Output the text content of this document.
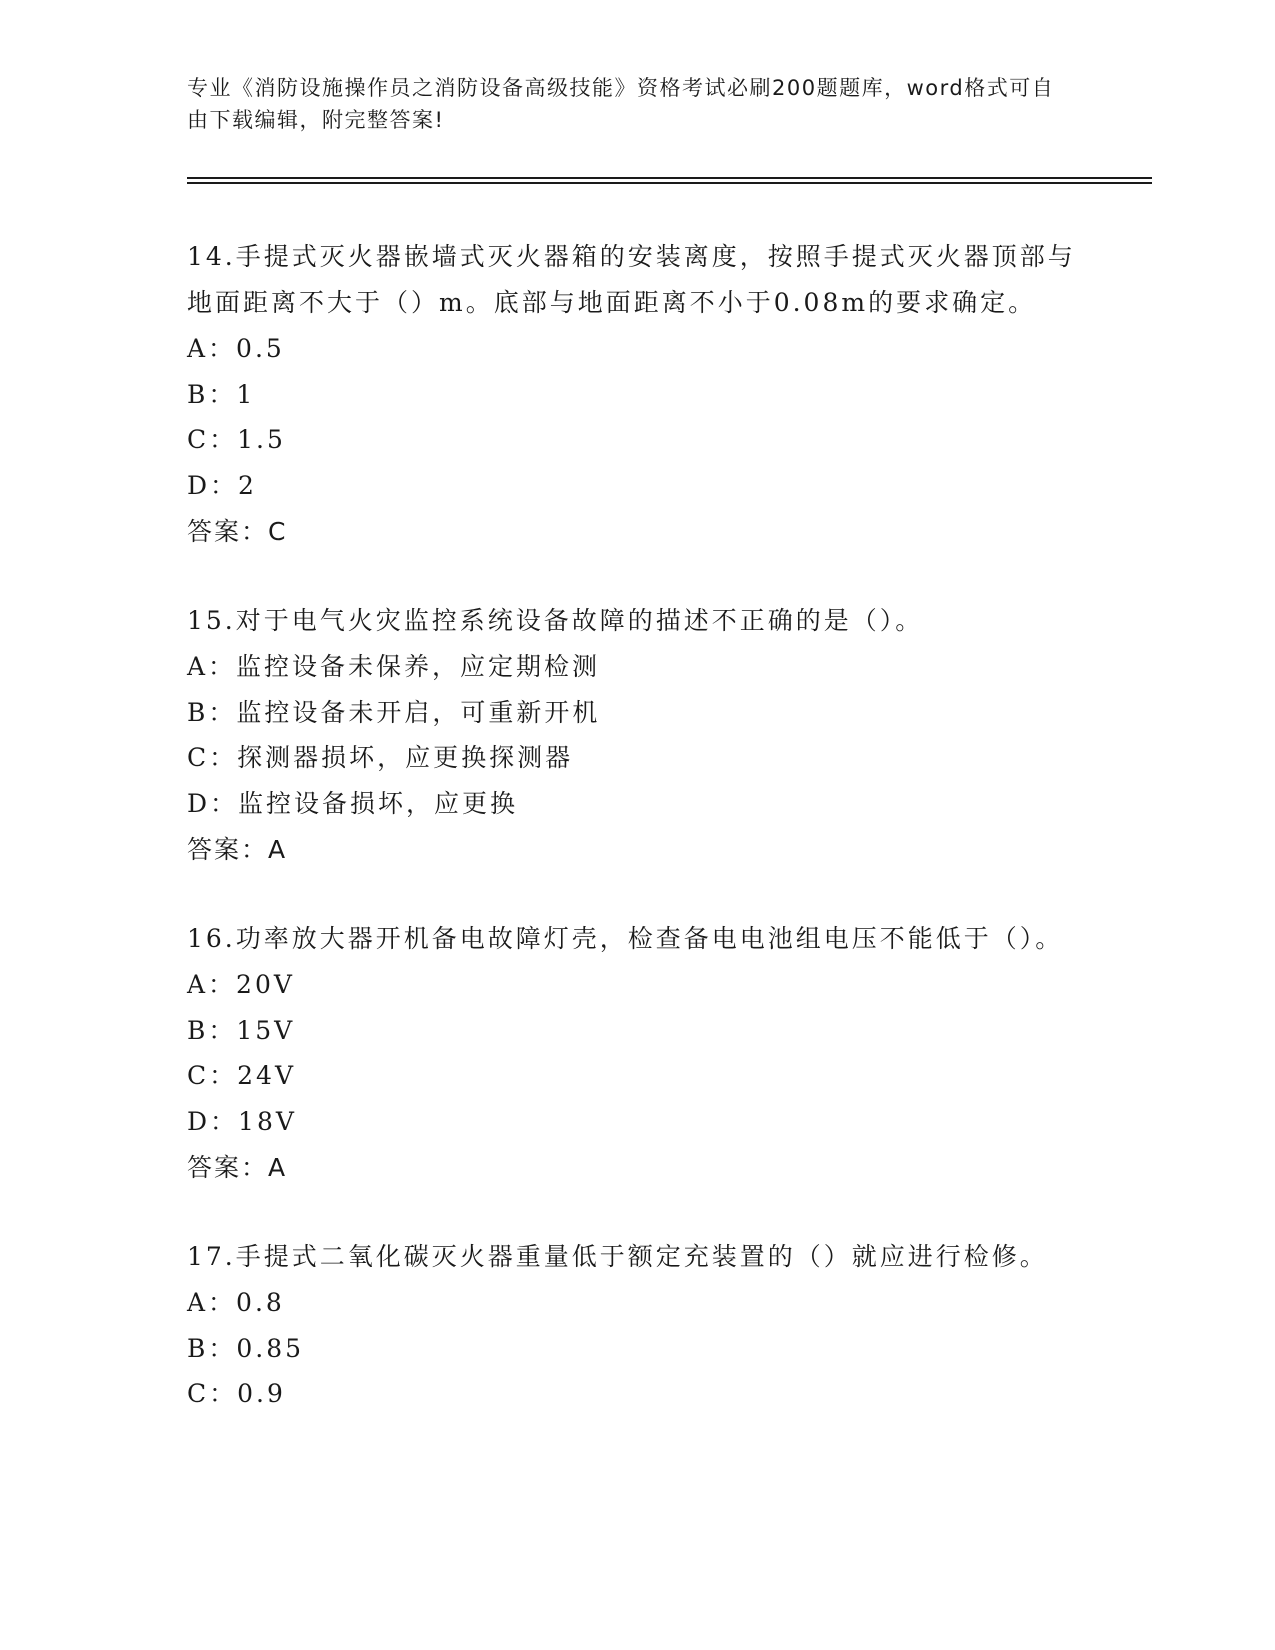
专业《消防设施操作员之消防设备高级技能》资格考试必刷200题题库，word格式可自由下载编辑，附完整答案!
14.手提式灭火器嵌墙式灭火器箱的安装离度，按照手提式灭火器顶部与地面距离不大于（）m。底部与地面距离不小于0.08m的要求确定。
A：0.5
B：1
C：1.5
D：2
答案：C
15.对于电气火灾监控系统设备故障的描述不正确的是（）。
A：监控设备未保养，应定期检测
B：监控设备未开启，可重新开机
C：探测器损坏，应更换探测器
D：监控设备损坏，应更换
答案：A
16.功率放大器开机备电故障灯壳，检查备电电池组电压不能低于（）。
A：20V
B：15V
C：24V
D：18V
答案：A
17.手提式二氧化碳灭火器重量低于额定充装置的（）就应进行检修。
A：0.8
B：0.85
C：0.9
